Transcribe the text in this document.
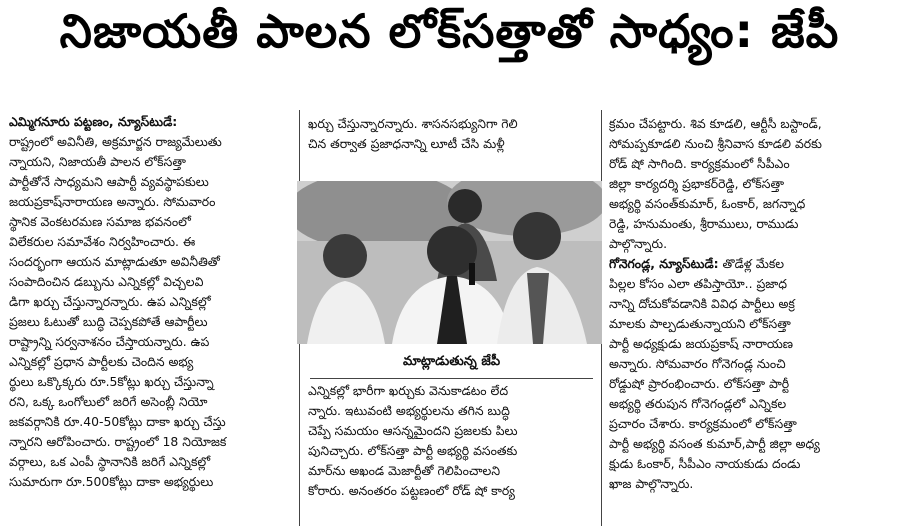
నిజాయతీ పాలన లోక్‌సత్తాతో సాధ్యం: జేపీ

ఎమ్మిగనూరు పట్టణం, న్యూస్‌టుడే:

రాష్ట్రంలో అవినీతి, అక్రమార్జన రాజ్యమేలుతు

న్నాయని, నిజాయతీ పాలన లోక్‌సత్తా

పార్టీతోనే సాధ్యమని ఆపార్టీ వ్యవస్థాపకులు

జయప్రకాష్‌నారాయణ అన్నారు. సోమవారం

స్థానిక వెంకటరమణ సమాజ భవనంలో

విలేకరుల సమావేశం నిర్వహించారు. ఈ

సందర్భంగా ఆయన మాట్లాడుతూ అవినీతితో

సంపాదించిన డబ్బును ఎన్నికల్లో విచ్చలవి

డిగా ఖర్చు చేస్తున్నారన్నారు. ఉప ఎన్నికల్లో

ప్రజలు ఓటుతో బుద్ధి చెప్పకపోతే ఆపార్టీలు

రాష్ట్రాన్ని సర్వనాశనం చేస్తాయన్నారు. ఉప

ఎన్నికల్లో ప్రధాన పార్టీలకు చెందిన అభ్య

ర్థులు ఒక్కొక్కరు రూ.5కోట్లు ఖర్చు చేస్తున్నా

రని, ఒక్క ఒంగోలులో జరిగే అసెంబ్లీ నియో

జకవర్గానికి రూ.40-50కోట్లు దాకా ఖర్చు చేస్తు

న్నారని ఆరోపించారు. రాష్ట్రంలో 18 నియోజక

వర్గాలు, ఒక ఎంపీ స్థానానికి జరిగే ఎన్నికల్లో

సుమారుగా రూ.500కోట్లు దాకా అభ్యర్థులు

ఖర్చు చేస్తున్నారన్నారు. శాసనసభ్యునిగా గెలి

చిన తర్వాత ప్రజాధనాన్ని లూటీ చేసి మళ్లీ

మాట్లాడుతున్న జేపీ

ఎన్నికల్లో భారీగా ఖర్చుకు వెనుకాడటం లేద

న్నారు. ఇటువంటి అభ్యర్థులను తగిన బుద్ధి

చెప్పే సమయం ఆసన్నమైందని ప్రజలకు పిలు

పునిచ్చారు. లోక్‌సత్తా పార్టీ అభ్యర్థి వసంతకు

మార్‌ను అఖండ మెజార్టీతో గెలిపించాలని

కోరారు. అనంతరం పట్టణంలో రోడ్ షో కార్య

క్రమం చేపట్టారు. శివ కూడలి, ఆర్టీసీ బస్టాండ్,

సోమప్పకూడలి నుంచి శ్రీనివాస కూడలి వరకు

రోడ్ షో సాగింది. కార్యక్రమంలో సీపీఎం

జిల్లా కార్యదర్శి ప్రభాకర్‌రెడ్డి, లోక్‌సత్తా

అభ్యర్థి వసంత్‌కుమార్, ఓంకార్, జగన్నాధ

రెడ్డి, హనుమంతు, శ్రీరాములు, రాముడు

పాల్గొన్నారు.

గోనెగండ్ల, న్యూస్‌టుడే: తొడేళ్ల మేకల

పిల్లల కోసం ఎలా తపిస్తాయో.. ప్రజాధ

నాన్ని దోచుకోవడానికి వివిధ పార్టీలు అక్ర

మాలకు పాల్పడుతున్నాయని లోక్‌సత్తా

పార్టీ అధ్యక్షుడు జయప్రకాష్ నారాయణ

అన్నారు. సోమవారం గోనెగండ్ల నుంచి

రోడ్డుషో ప్రారంభించారు. లోక్‌సత్తా పార్టీ

అభ్యర్థి తరుపున గోనెగండ్లలో ఎన్నికల

ప్రచారం చేశారు. కార్యక్రమంలో లోక్‌సత్తా

పార్టీ అభ్యర్థి వసంత కుమార్,పార్టీ జిల్లా అధ్య

క్షుడు ఓంకార్, సీపీఎం నాయకుడు దండు

ఖాజ పాల్గొన్నారు.
